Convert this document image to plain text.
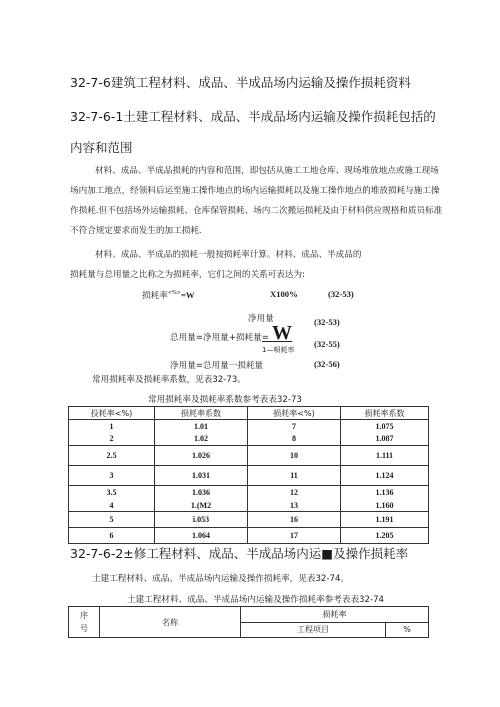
32-7-6建筑工程材料、成品、半成品场内运输及操作损耗资料
32-7-6-1土建工程材料、成品、半成品场内运输及操作损耗包括的
内容和范围
材料、成品、半成品损耗的内容和范围，即包括从施工工地仓库、现场堆放地点或施工现场
场内加工地点，经领料后运至施工操作地点的场内运输损耗以及施工操作地点的堆放损耗与施工操
作损耗.但不包括场外运输损耗、仓库保管损耗、场内二次搬运损耗及由于材料供应规格和质员标准
不符合规定要求而发生的加工损耗.
材料、成品、半成品的损耗一般按损耗率计算。材料、成品、半成品的
损耗量与总用量之比称之为损耗率，它们之间的关系可表达为:
损耗率<%>=W	X100%	(32-53)
净用量	(32-53)
总用量=净用量+损耗量= W
1—唄耗率
(32-55)
净用量=总用量一损耗量	(32-56)
常用损耗率及损耗率系数，见表32-73。
常用损耗率及损耗率系数参考表表32-73
投耗率<%)	损耗率系数	损耗率<%)	损耗率系数
1	1.01	7	1.075
2	1.02	8	1.087
2.5	1.026	10	1.111
3	1.031	11	1.124
3.5	1.036	12	1.136
4	1.(M2	13	1.160
5	i.053	16	1.191
6	1.064	17	1.205
32-7-6-2±修工程材料、成品、半成品场内运■及操作损耗率
土建工程材料、成品、半成品场内运输及操作损耗率，见表32-74。
土建工程材料、成品、半成品场内运输及操作损耗率参考表表32-74
序
号	名称	损耗率	
		工程项目	%
